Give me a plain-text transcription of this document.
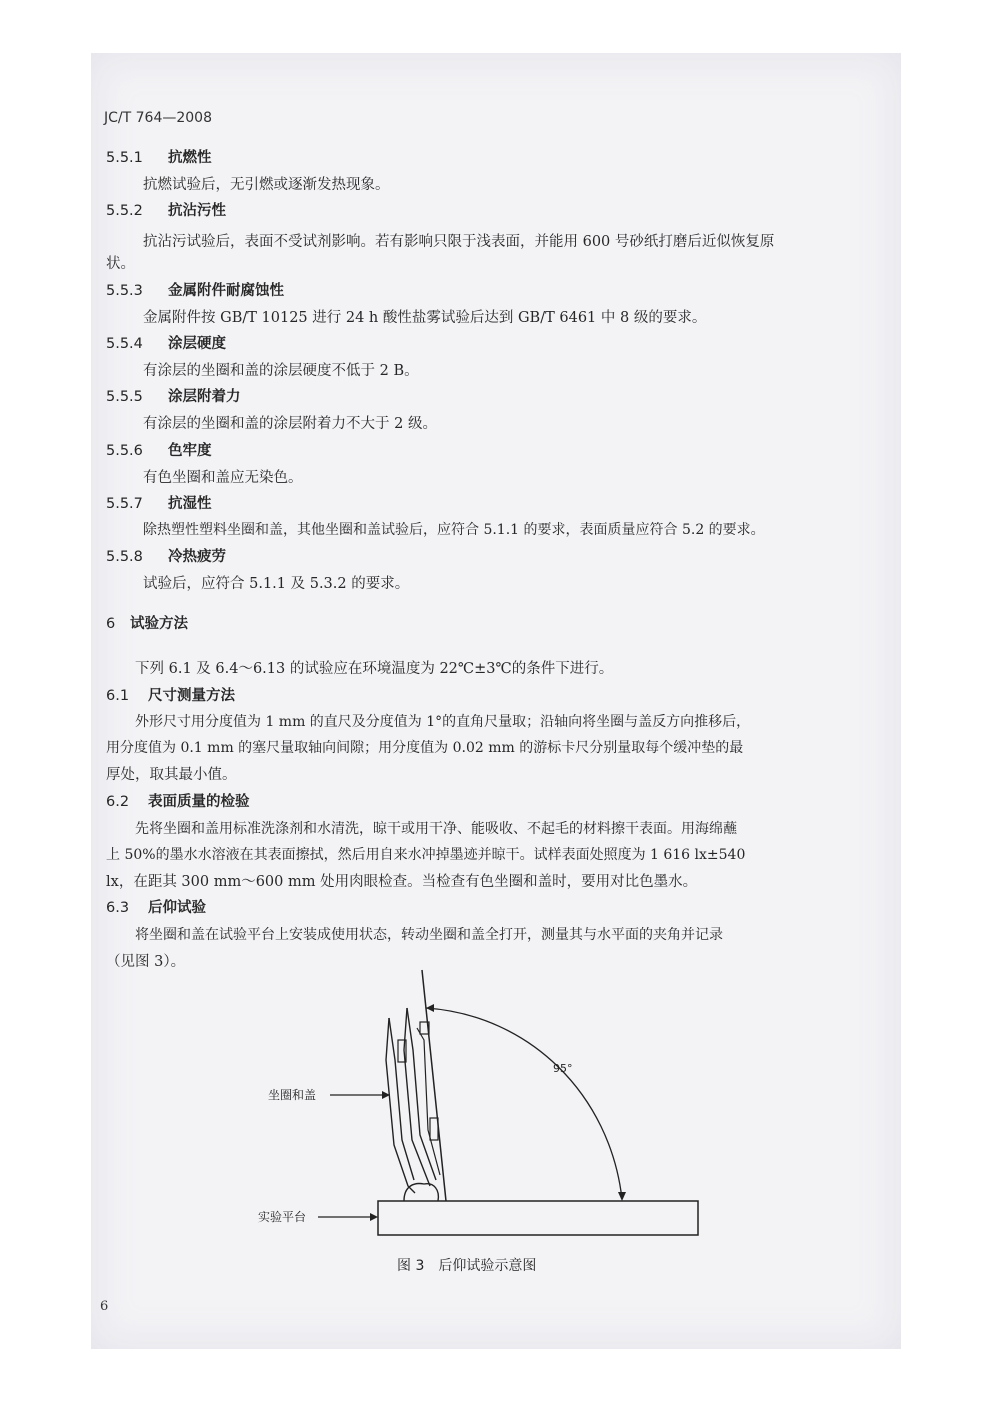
JC/T 764—2008
5.5.1 抗燃性
抗燃试验后，无引燃或逐渐发热现象。
5.5.2 抗沾污性
抗沾污试验后，表面不受试剂影响。若有影响只限于浅表面，并能用 600 号砂纸打磨后近似恢复原
状。
5.5.3 金属附件耐腐蚀性
金属附件按 GB/T 10125 进行 24 h 酸性盐雾试验后达到 GB/T 6461 中 8 级的要求。
5.5.4 涂层硬度
有涂层的坐圈和盖的涂层硬度不低于 2 B。
5.5.5 涂层附着力
有涂层的坐圈和盖的涂层附着力不大于 2 级。
5.5.6 色牢度
有色坐圈和盖应无染色。
5.5.7 抗湿性
除热塑性塑料坐圈和盖，其他坐圈和盖试验后，应符合 5.1.1 的要求，表面质量应符合 5.2 的要求。
5.5.8 冷热疲劳
试验后，应符合 5.1.1 及 5.3.2 的要求。
6 试验方法
下列 6.1 及 6.4～6.13 的试验应在环境温度为 22℃±3℃的条件下进行。
6.1 尺寸测量方法
外形尺寸用分度值为 1 mm 的直尺及分度值为 1°的直角尺量取；沿轴向将坐圈与盖反方向推移后，
用分度值为 0.1 mm 的塞尺量取轴向间隙；用分度值为 0.02 mm 的游标卡尺分别量取每个缓冲垫的最
厚处，取其最小值。
6.2 表面质量的检验
先将坐圈和盖用标准洗涤剂和水清洗，晾干或用干净、能吸收、不起毛的材料擦干表面。用海绵蘸
上 50%的墨水水溶液在其表面擦拭，然后用自来水冲掉墨迹并晾干。试样表面处照度为 1 616 lx±540
lx，在距其 300 mm～600 mm 处用肉眼检查。当检查有色坐圈和盖时，要用对比色墨水。
6.3 后仰试验
将坐圈和盖在试验平台上安装成使用状态，转动坐圈和盖全打开，测量其与水平面的夹角并记录
（见图 3）。
坐圈和盖
实验平台
95°
图 3　后仰试验示意图
6
